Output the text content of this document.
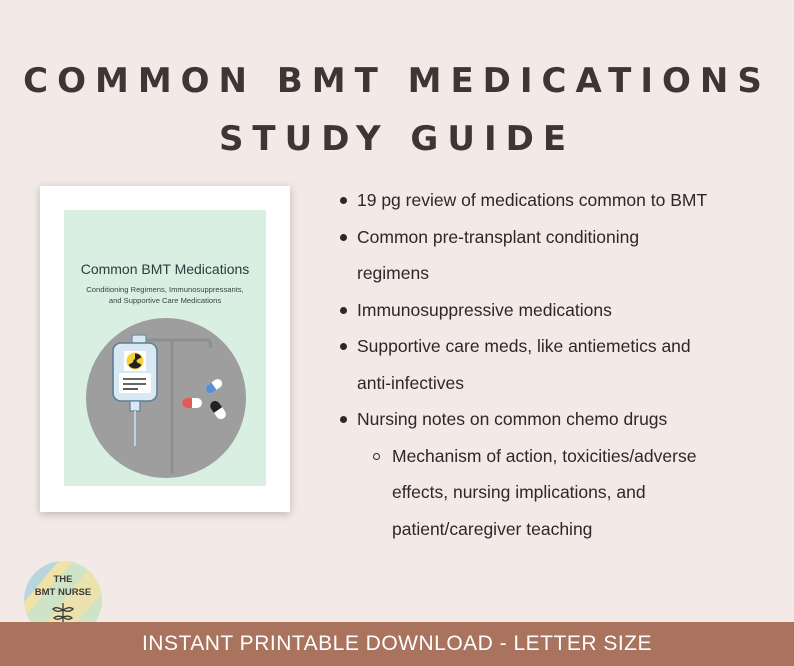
COMMON BMT MEDICATIONS
STUDY GUIDE
Common BMT Medications
Conditioning Regimens, Immunosuppressants,
and Supportive Care Medications
19 pg review of medications common to BMT
Common pre-transplant conditioning
regimens
Immunosuppressive medications
Supportive care meds, like antiemetics and
anti-infectives
Nursing notes on common chemo drugs
Mechanism of action, toxicities/adverse
effects, nursing implications, and
patient/caregiver teaching
THE
BMT NURSE
INSTANT PRINTABLE DOWNLOAD - LETTER SIZE
